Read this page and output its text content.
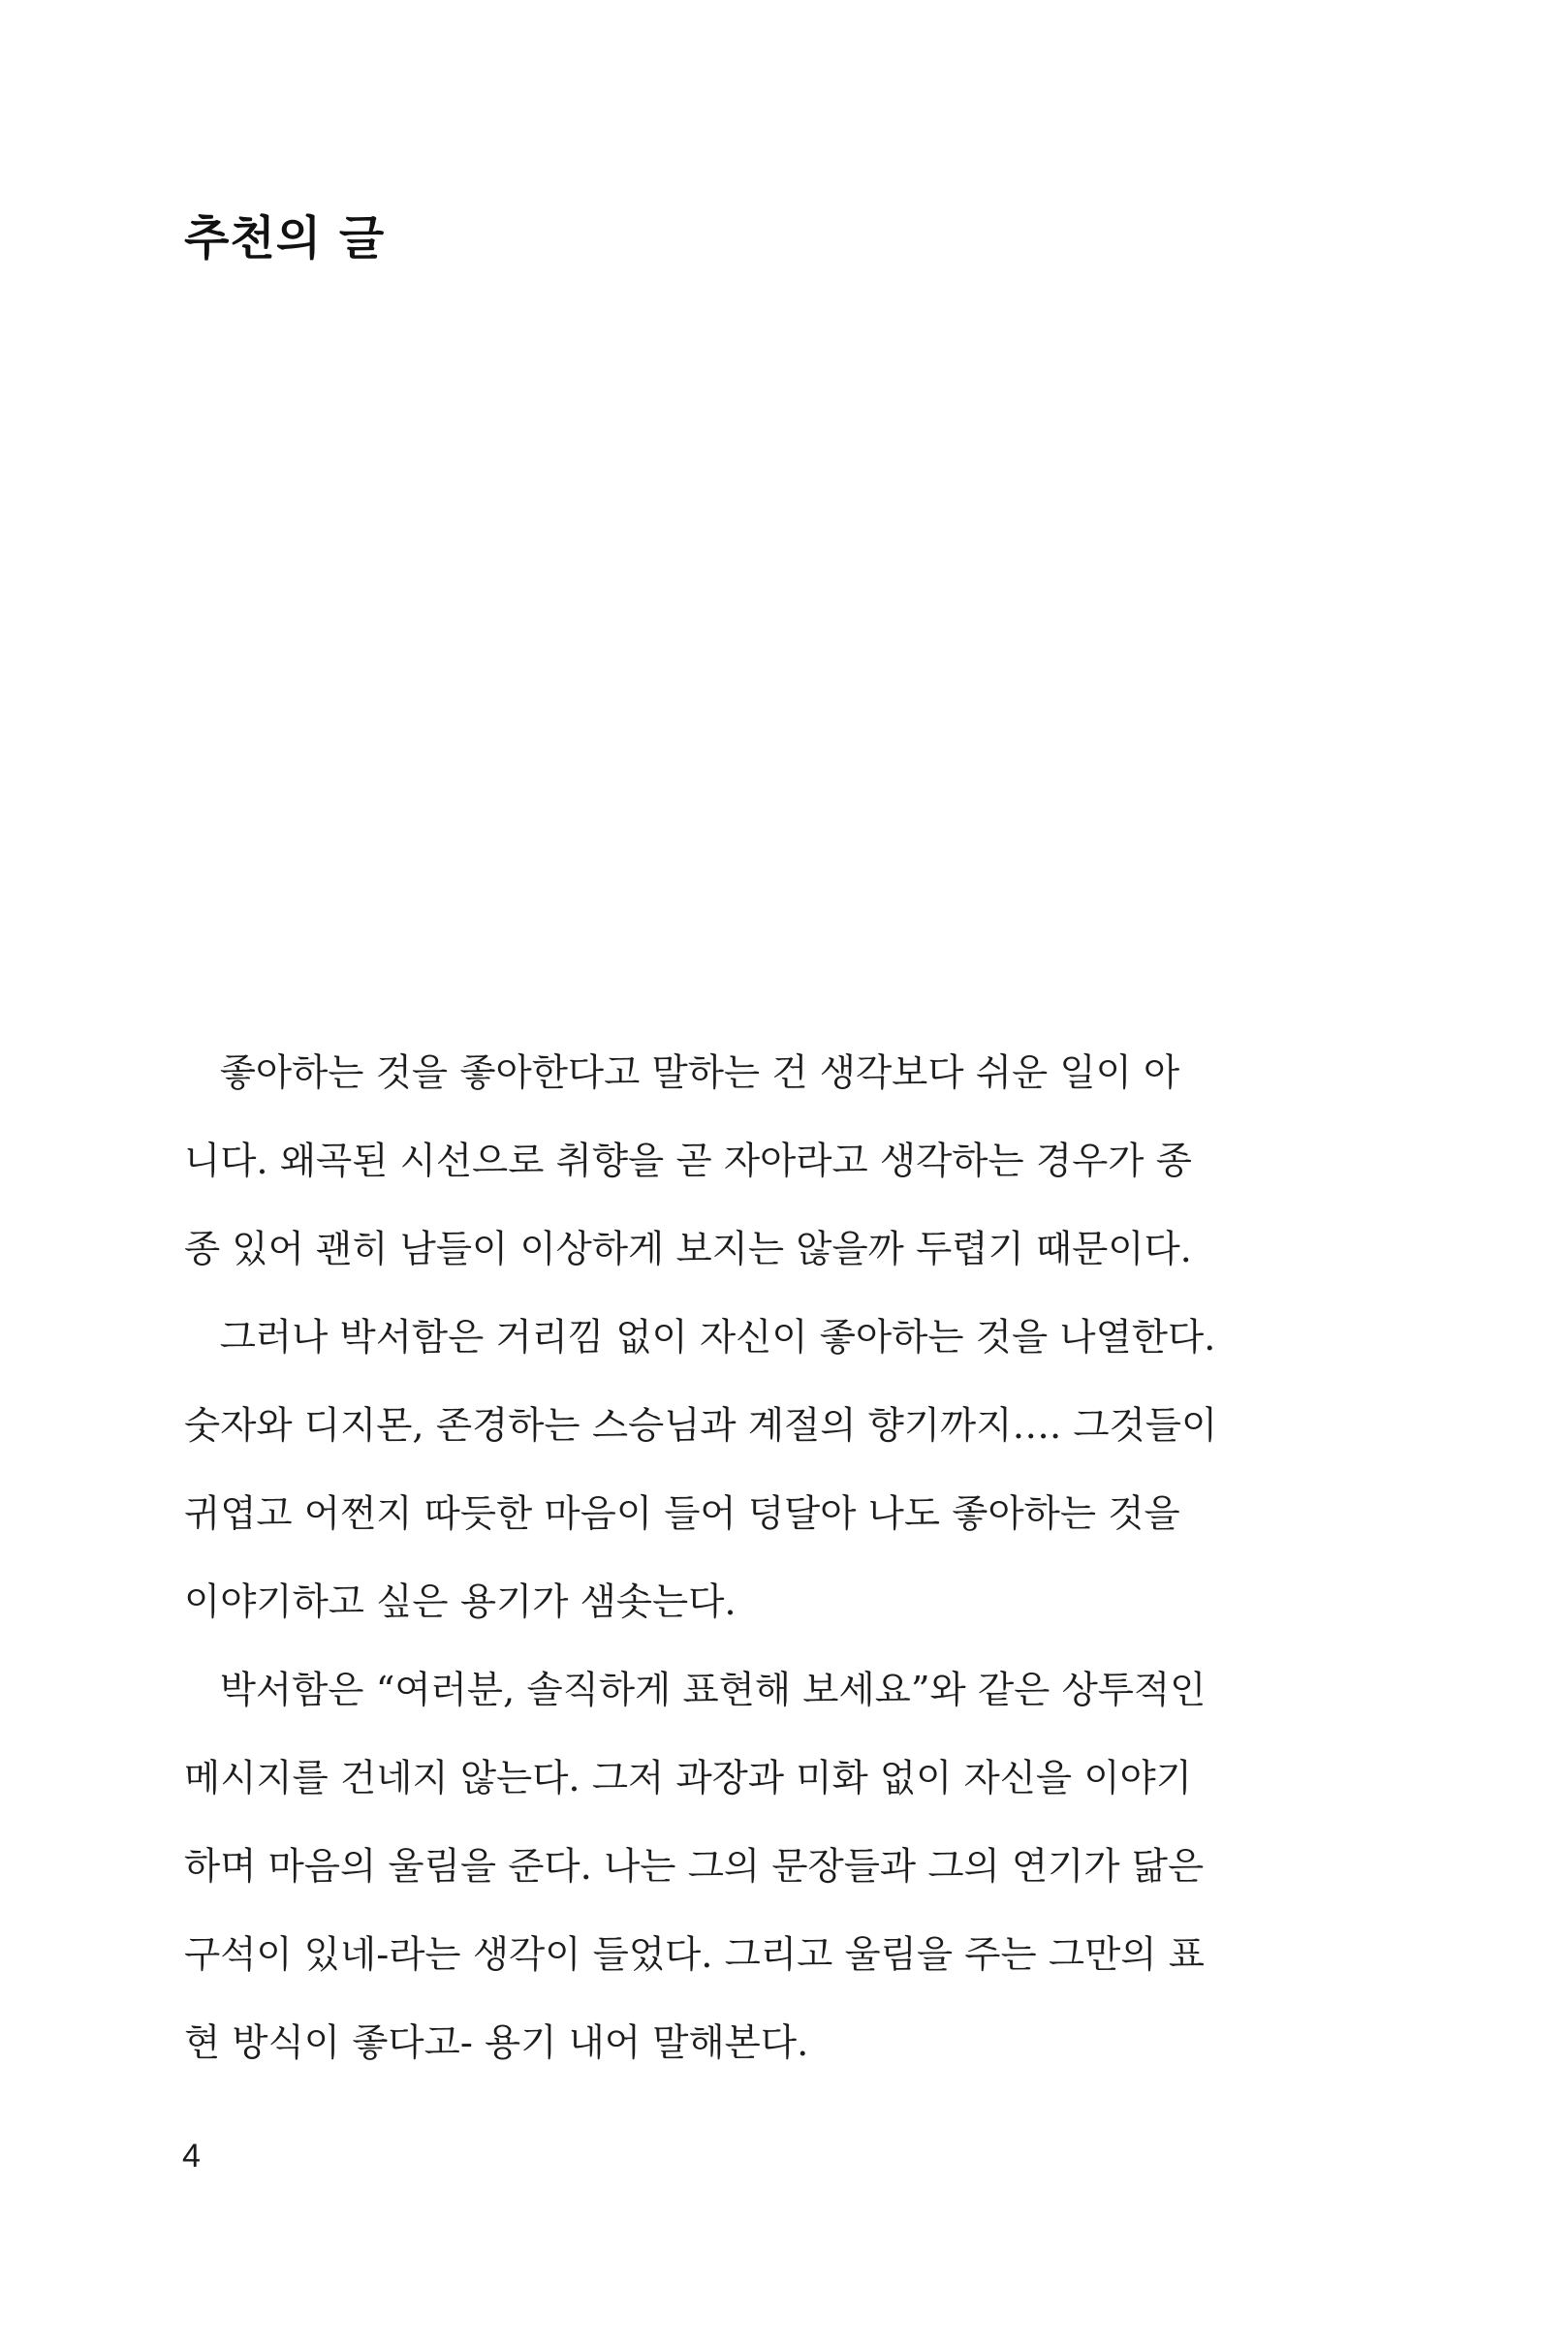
추천의 글
좋아하는 것을 좋아한다고 말하는 건 생각보다 쉬운 일이 아
니다. 왜곡된 시선으로 취향을 곧 자아라고 생각하는 경우가 종
종 있어 괜히 남들이 이상하게 보지는 않을까 두렵기 때문이다.
그러나 박서함은 거리낌 없이 자신이 좋아하는 것을 나열한다.
숫자와 디지몬, 존경하는 스승님과 계절의 향기까지…. 그것들이
귀엽고 어쩐지 따듯한 마음이 들어 덩달아 나도 좋아하는 것을
이야기하고 싶은 용기가 샘솟는다.
박서함은 “여러분, 솔직하게 표현해 보세요”와 같은 상투적인
메시지를 건네지 않는다. 그저 과장과 미화 없이 자신을 이야기
하며 마음의 울림을 준다. 나는 그의 문장들과 그의 연기가 닮은
구석이 있네-라는 생각이 들었다. 그리고 울림을 주는 그만의 표
현 방식이 좋다고- 용기 내어 말해본다.
4
